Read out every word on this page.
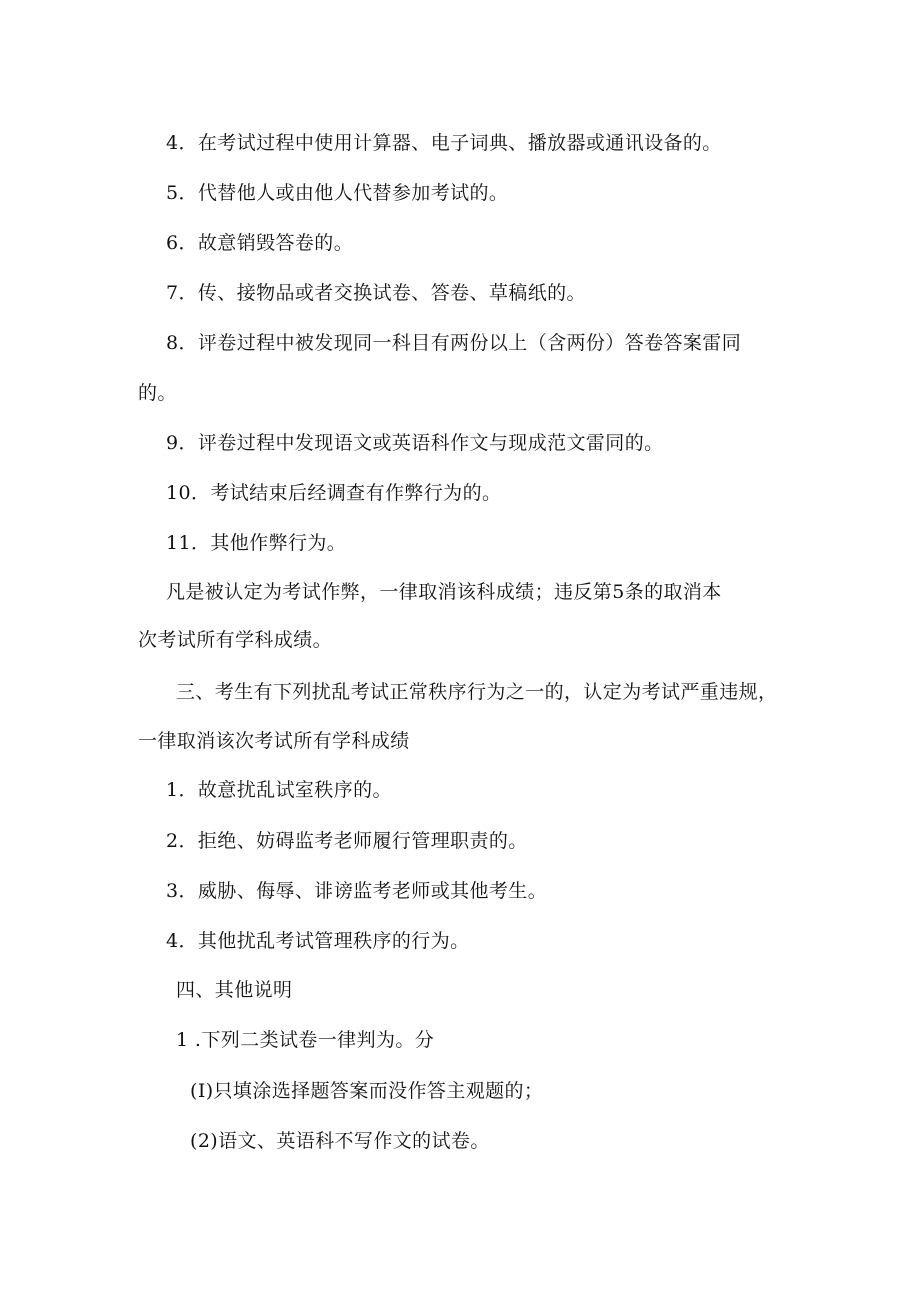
4．在考试过程中使用计算器、电子词典、播放器或通讯设备的。
5．代替他人或由他人代替参加考试的。
6．故意销毁答卷的。
7．传、接物品或者交换试卷、答卷、草稿纸的。
8．评卷过程中被发现同一科目有两份以上（含两份）答卷答案雷同
的。
9．评卷过程中发现语文或英语科作文与现成范文雷同的。
10．考试结束后经调查有作弊行为的。
11．其他作弊行为。
凡是被认定为考试作弊，一律取消该科成绩；违反第5条的取消本
次考试所有学科成绩。
三、考生有下列扰乱考试正常秩序行为之一的，认定为考试严重违规，
一律取消该次考试所有学科成绩
1．故意扰乱试室秩序的。
2．拒绝、妨碍监考老师履行管理职责的。
3．威胁、侮辱、诽谤监考老师或其他考生。
4．其他扰乱考试管理秩序的行为。
四、其他说明
1 .下列二类试卷一律判为。分
(I)只填涂选择题答案而没作答主观题的；
(2)语文、英语科不写作文的试卷。
